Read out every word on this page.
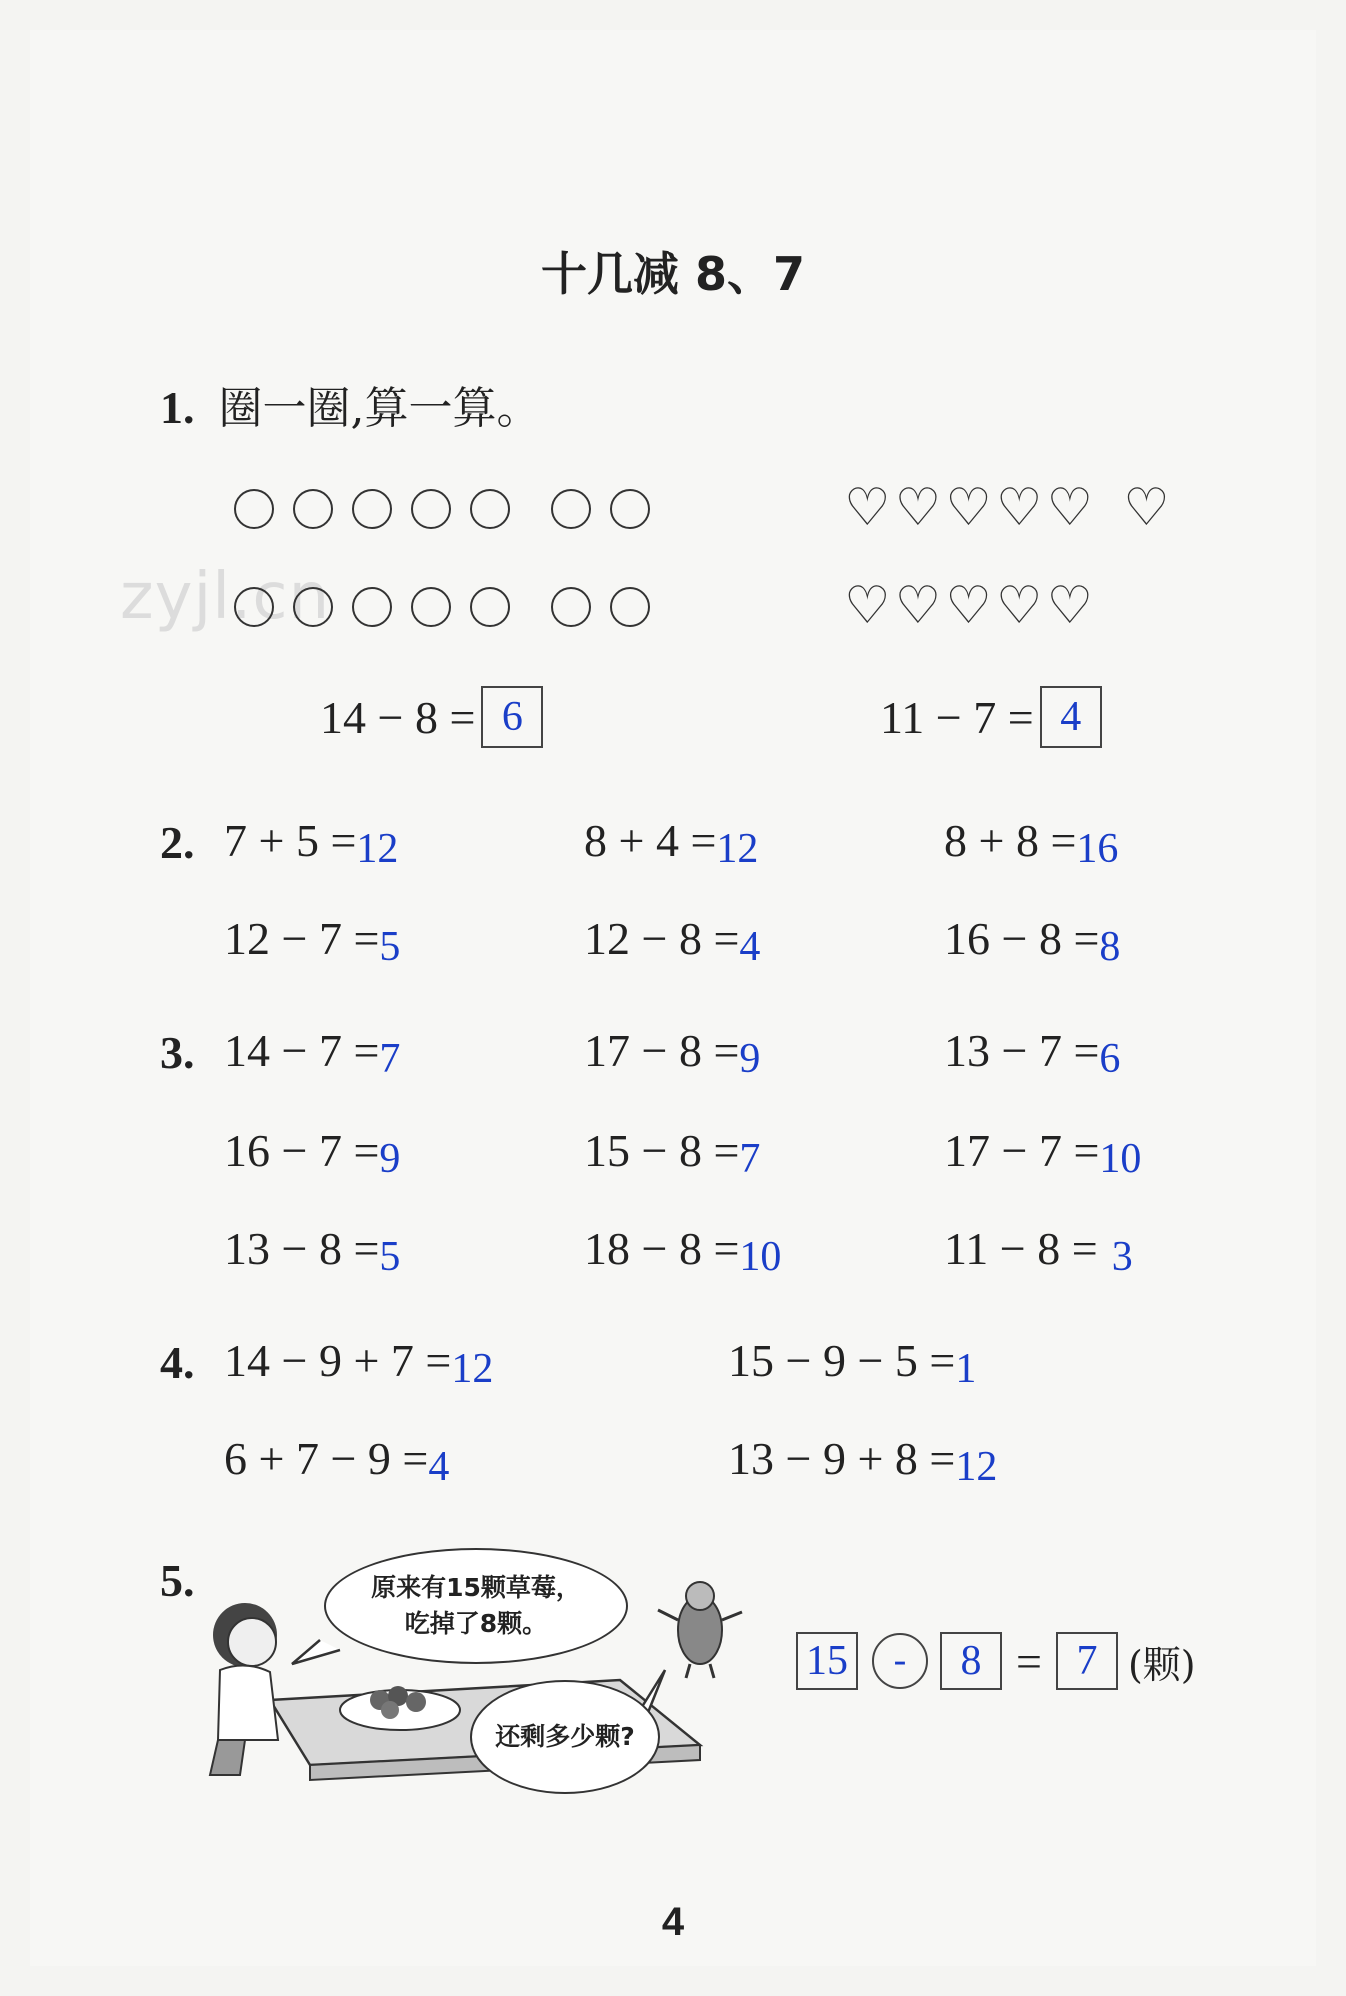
zyjl.cn
十几减 8、7
1. 圈一圈,算一算。
♡ ♡ ♡ ♡ ♡ ♡
♡ ♡ ♡ ♡ ♡
14 − 8 = 6	11 − 7 = 4
2. 7 + 5 =12	8 + 4 =12	8 + 8 =16
12 − 7 =5	12 − 8 =4	16 − 8 =8
3. 14 − 7 =7	17 − 8 =9	13 − 7 =6
16 − 7 =9	15 − 8 =7	17 − 7 =10
13 − 8 =5	18 − 8 =10	11 − 8 = 3
4. 14 − 9 + 7 =12	15 − 9 − 5 =1
6 + 7 − 9 =4	13 − 9 + 8 =12
5.	原来有15颗草莓，
吃掉了8颗。
还剩多少颗?
15	-	8 = 7 (颗)
4
